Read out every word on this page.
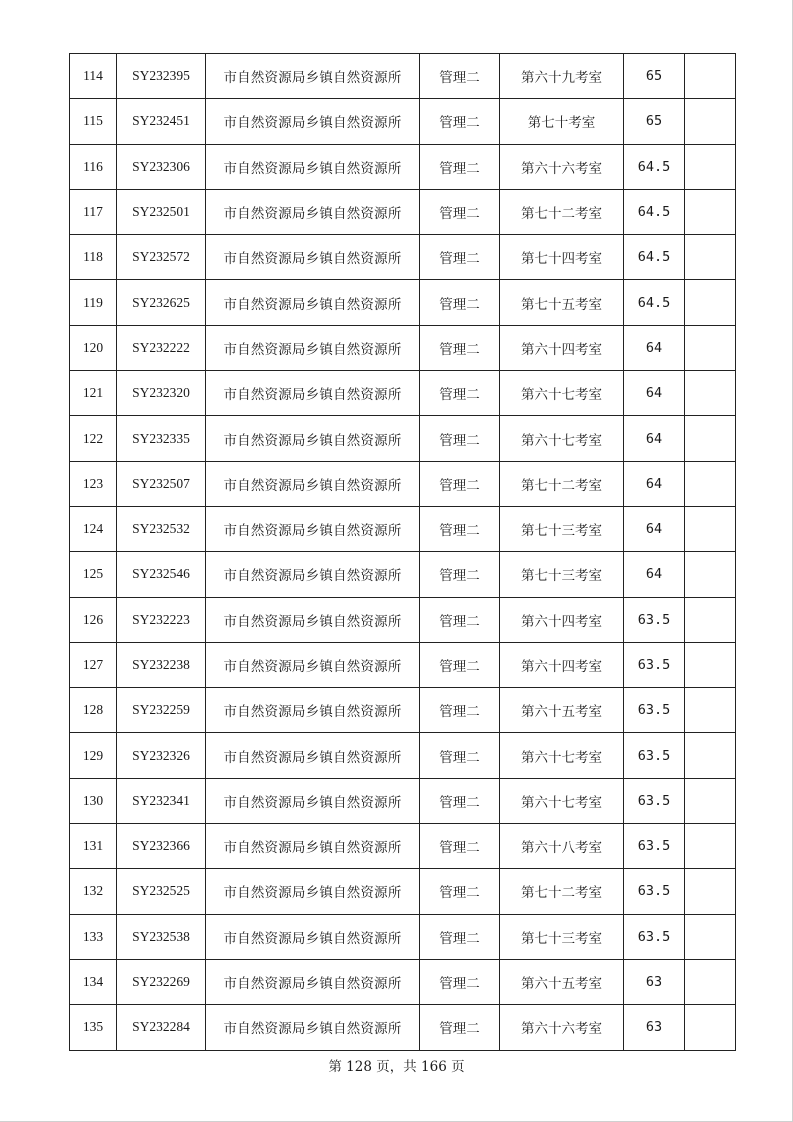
114	SY232395	市自然资源局乡镇自然资源所	管理二	第六十九考室	65	
115	SY232451	市自然资源局乡镇自然资源所	管理二	第七十考室	65	
116	SY232306	市自然资源局乡镇自然资源所	管理二	第六十六考室	64.5	
117	SY232501	市自然资源局乡镇自然资源所	管理二	第七十二考室	64.5	
118	SY232572	市自然资源局乡镇自然资源所	管理二	第七十四考室	64.5	
119	SY232625	市自然资源局乡镇自然资源所	管理二	第七十五考室	64.5	
120	SY232222	市自然资源局乡镇自然资源所	管理二	第六十四考室	64	
121	SY232320	市自然资源局乡镇自然资源所	管理二	第六十七考室	64	
122	SY232335	市自然资源局乡镇自然资源所	管理二	第六十七考室	64	
123	SY232507	市自然资源局乡镇自然资源所	管理二	第七十二考室	64	
124	SY232532	市自然资源局乡镇自然资源所	管理二	第七十三考室	64	
125	SY232546	市自然资源局乡镇自然资源所	管理二	第七十三考室	64	
126	SY232223	市自然资源局乡镇自然资源所	管理二	第六十四考室	63.5	
127	SY232238	市自然资源局乡镇自然资源所	管理二	第六十四考室	63.5	
128	SY232259	市自然资源局乡镇自然资源所	管理二	第六十五考室	63.5	
129	SY232326	市自然资源局乡镇自然资源所	管理二	第六十七考室	63.5	
130	SY232341	市自然资源局乡镇自然资源所	管理二	第六十七考室	63.5	
131	SY232366	市自然资源局乡镇自然资源所	管理二	第六十八考室	63.5	
132	SY232525	市自然资源局乡镇自然资源所	管理二	第七十二考室	63.5	
133	SY232538	市自然资源局乡镇自然资源所	管理二	第七十三考室	63.5	
134	SY232269	市自然资源局乡镇自然资源所	管理二	第六十五考室	63	
135	SY232284	市自然资源局乡镇自然资源所	管理二	第六十六考室	63	
第 128 页，共 166 页
